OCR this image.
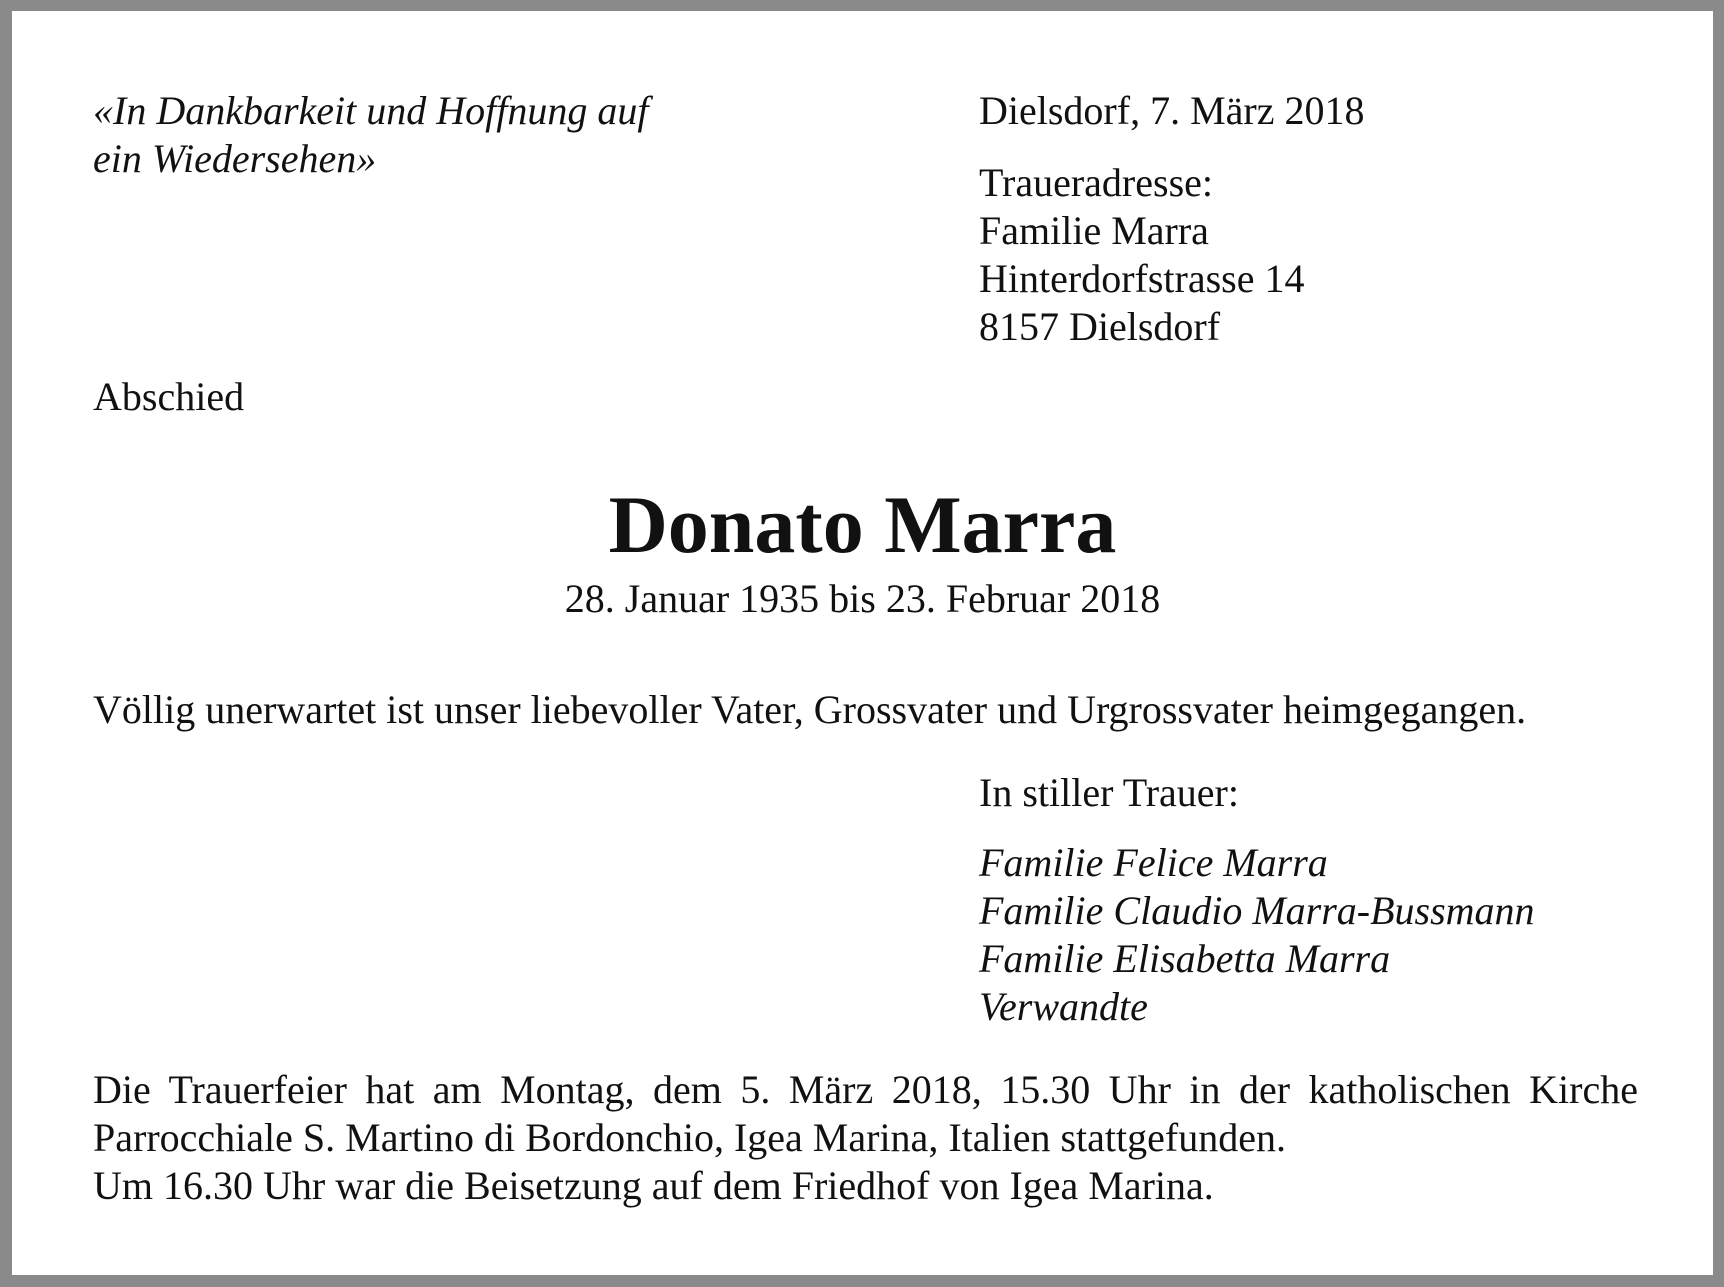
«In Dankbarkeit und Hoffnung auf
ein Wiedersehen»
Dielsdorf, 7. März 2018
Traueradresse:
Familie Marra
Hinterdorfstrasse 14
8157 Dielsdorf
Abschied
Donato Marra
28. Januar 1935 bis 23. Februar 2018
Völlig unerwartet ist unser liebevoller Vater, Grossvater und Urgrossvater heimgegangen.
In stiller Trauer:
Familie Felice Marra
Familie Claudio Marra-Bussmann
Familie Elisabetta Marra
Verwandte
Die Trauerfeier hat am Montag, dem 5. März 2018, 15.30 Uhr in der katholischen Kirche
Parrocchiale S. Martino di Bordonchio, Igea Marina, Italien stattgefunden.
Um 16.30 Uhr war die Beisetzung auf dem Friedhof von Igea Marina.
